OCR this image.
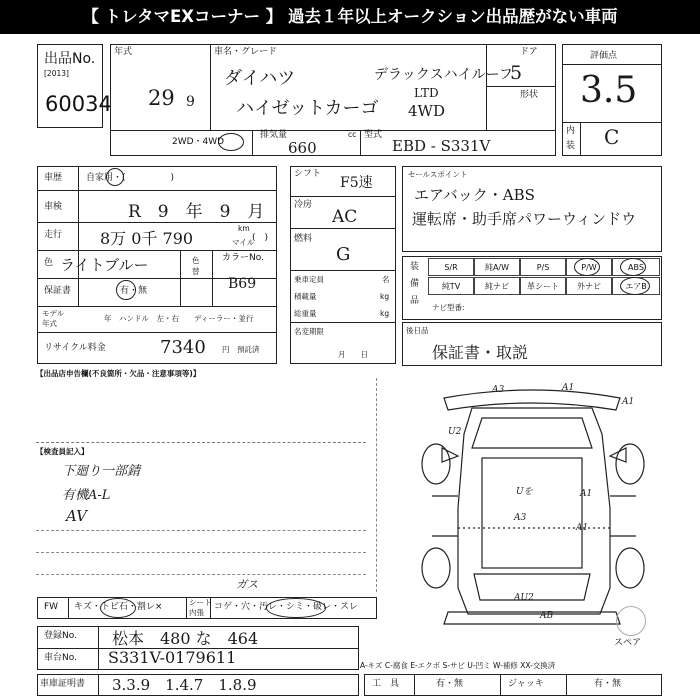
【 トレタマEXコーナー 】 過去１年以上オークション出品歴がない車両
出品No.
[2013]
60034
年式
29 9
車名・グレード
ダイハツ	デラックスハイルーフ
LTD
4WD
ハイゼットカーゴ
2WD・4WD
排気量	cc
660
型式
EBD - S331V
ドア
5
形状
評価点
3.5
内
装 C
車歴	自家用・(　　　　　)
車検	R　9　年　9　月
走行 8万 0千 790
km
マイル
(　)
色 ライトブルー	色
替
カラーNo.
B69
保証書	有・無
モデル
年式
年　ハンドル　左・右　　ディーラー・並行
リサイクル料金	7340 円　預託済
シフト
F5速
冷房
AC
燃料
G
乗車定員	名
積載量	kg
総重量	kg
名変期限
月　　日
セールスポイント
エアバック・ABS
運転席・助手席パワーウィンドウ
装
備
品
S/R	純A/W	P/S	P/W	ABS
純TV	純ナビ	革シート	外ナビ	エアB
ナビ型番:
後日品
保証書・取説
【出品店申告欄(不良箇所・欠品・注意事項等)】
【検査員記入】
下廻り一部錆
有機A-L
AV
A3	A1
U2
Uを
A3
A1
A1
A1
AU2
AB
スペア
FW キズ・トビ石・割レ×	シート
内張
コゲ・穴・汚レ・シミ・破レ・スレ
ガス
登録No. 松本　480 な　464
車台No. S331V-0179611	A-キズ C-腐食 E-エクボ S-サビ U-凹ミ W-補修 XX-交換済
車庫証明書 3.3.9　1.4.7　1.8.9	工　具	有・無	ジャッキ	有・無
